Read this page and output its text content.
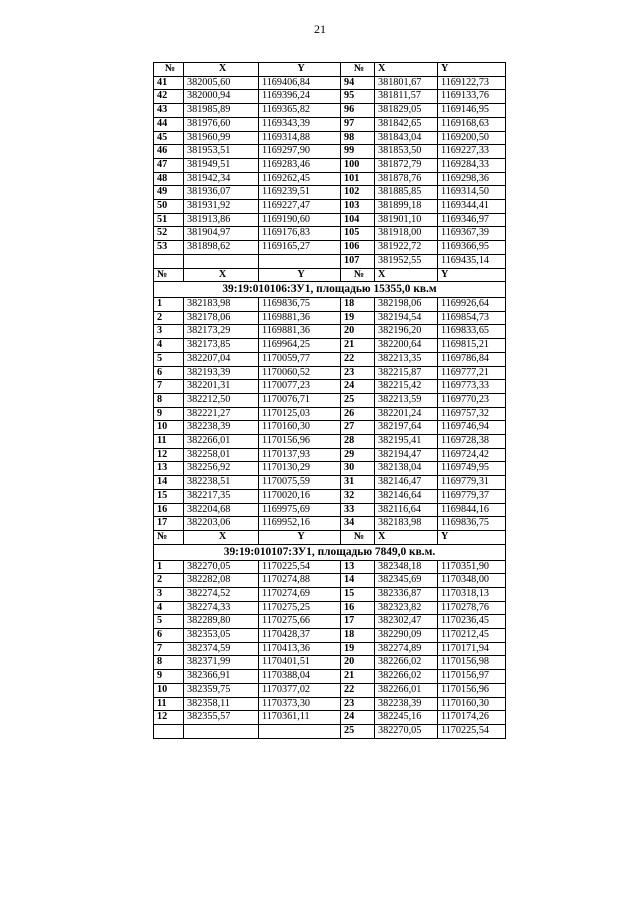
21
№	X	Y	№	X	Y
41	382005,60	1169406,84	94	381801,67	1169122,73
42	382000,94	1169396,24	95	381811,57	1169133,76
43	381985,89	1169365,82	96	381829,05	1169146,95
44	381976,60	1169343,39	97	381842,65	1169168,63
45	381960,99	1169314,88	98	381843,04	1169200,50
46	381953,51	1169297,90	99	381853,50	1169227,33
47	381949,51	1169283,46	100	381872,79	1169284,33
48	381942,34	1169262,45	101	381878,76	1169298,36
49	381936,07	1169239,51	102	381885,85	1169314,50
50	381931,92	1169227,47	103	381899,18	1169344,41
51	381913,86	1169190,60	104	381901,10	1169346,97
52	381904,97	1169176,83	105	381918,00	1169367,39
53	381898,62	1169165,27	106	381922,72	1169366,95
			107	381952,55	1169435,14
№	X	Y	№	X	Y
39:19:010106:ЗУ1, площадью 15355,0 кв.м					
1	382183,98	1169836,75	18	382198,06	1169926,64
2	382178,06	1169881,36	19	382194,54	1169854,73
3	382173,29	1169881,36	20	382196,20	1169833,65
4	382173,85	1169964,25	21	382200,64	1169815,21
5	382207,04	1170059,77	22	382213,35	1169786,84
6	382193,39	1170060,52	23	382215,87	1169777,21
7	382201,31	1170077,23	24	382215,42	1169773,33
8	382212,50	1170076,71	25	382213,59	1169770,23
9	382221,27	1170125,03	26	382201,24	1169757,32
10	382238,39	1170160,30	27	382197,64	1169746,94
11	382266,01	1170156,96	28	382195,41	1169728,38
12	382258,01	1170137,93	29	382194,47	1169724,42
13	382256,92	1170130,29	30	382138,04	1169749,95
14	382238,51	1170075,59	31	382146,47	1169779,31
15	382217,35	1170020,16	32	382146,64	1169779,37
16	382204,68	1169975,69	33	382116,64	1169844,16
17	382203,06	1169952,16	34	382183,98	1169836,75
№	X	Y	№	X	Y
39:19:010107:ЗУ1, площадью 7849,0 кв.м.					
1	382270,05	1170225,54	13	382348,18	1170351,90
2	382282,08	1170274,88	14	382345,69	1170348,00
3	382274,52	1170274,69	15	382336,87	1170318,13
4	382274,33	1170275,25	16	382323,82	1170278,76
5	382289,80	1170275,66	17	382302,47	1170236,45
6	382353,05	1170428,37	18	382290,09	1170212,45
7	382374,59	1170413,36	19	382274,89	1170171,94
8	382371,99	1170401,51	20	382266,02	1170156,98
9	382366,91	1170388,04	21	382266,02	1170156,97
10	382359,75	1170377,02	22	382266,01	1170156,96
11	382358,11	1170373,30	23	382238,39	1170160,30
12	382355,57	1170361,11	24	382245,16	1170174,26
			25	382270,05	1170225,54
